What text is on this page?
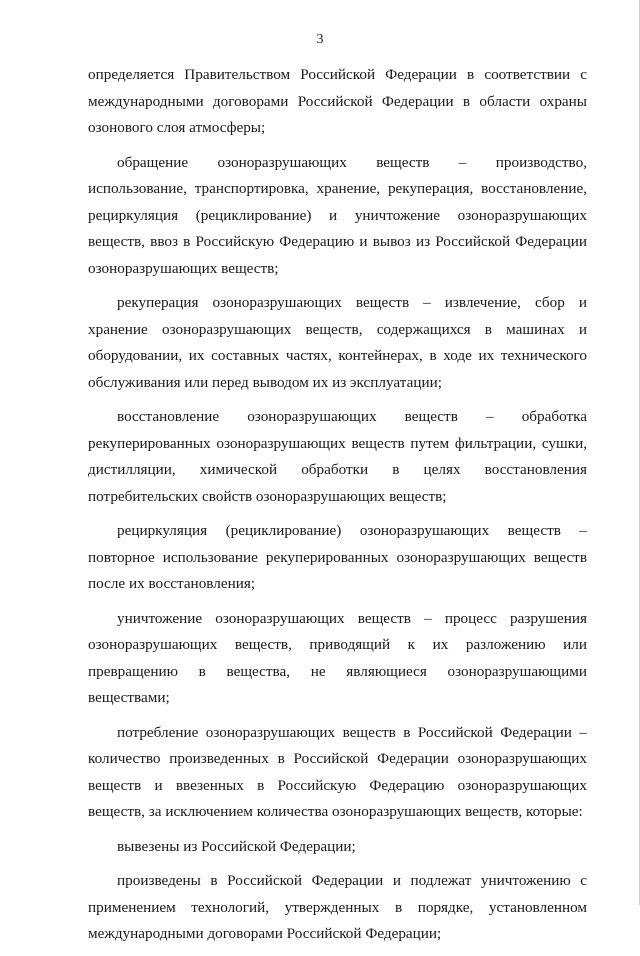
3

определяется Правительством Российской Федерации в соответствии с международными договорами Российской Федерации в области охраны озонового слоя атмосферы;

обращение озоноразрушающих веществ – производство, использование, транспортировка, хранение, рекуперация, восстановление, рециркуляция (рециклирование) и уничтожение озоноразрушающих веществ, ввоз в Российскую Федерацию и вывоз из Российской Федерации озоноразрушающих веществ;

рекуперация озоноразрушающих веществ – извлечение, сбор и хранение озоноразрушающих веществ, содержащихся в машинах и оборудовании, их составных частях, контейнерах, в ходе их технического обслуживания или перед выводом их из эксплуатации;

восстановление озоноразрушающих веществ – обработка рекуперированных озоноразрушающих веществ путем фильтрации, сушки, дистилляции, химической обработки в целях восстановления потребительских свойств озоноразрушающих веществ;

рециркуляция (рециклирование) озоноразрушающих веществ – повторное использование рекуперированных озоноразрушающих веществ после их восстановления;

уничтожение озоноразрушающих веществ – процесс разрушения озоноразрушающих веществ, приводящий к их разложению или превращению в вещества, не являющиеся озоноразрушающими веществами;

потребление озоноразрушающих веществ в Российской Федерации – количество произведенных в Российской Федерации озоноразрушающих веществ и ввезенных в Российскую Федерацию озоноразрушающих веществ, за исключением количества озоноразрушающих веществ, которые:

вывезены из Российской Федерации;

произведены в Российской Федерации и подлежат уничтожению с применением технологий, утвержденных в порядке, установленном международными договорами Российской Федерации;
